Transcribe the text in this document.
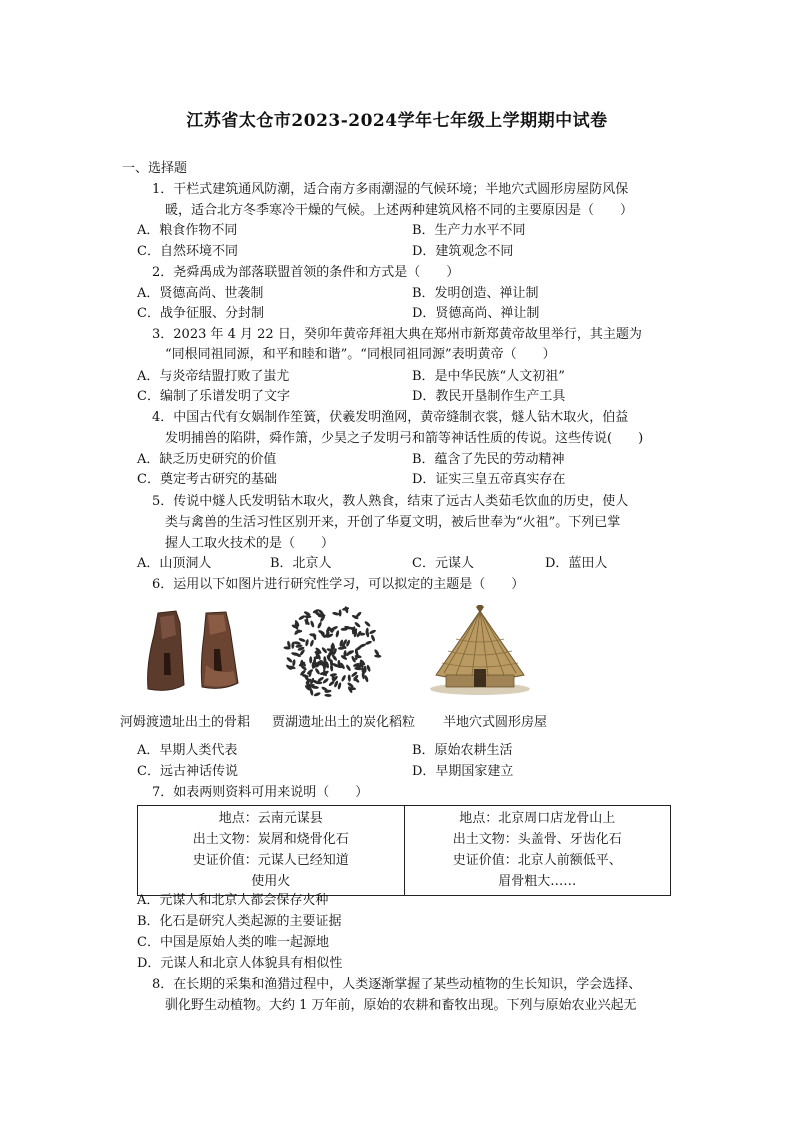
江苏省太仓市2023-2024学年七年级上学期期中试卷
一、选择题
1．干栏式建筑通风防潮，适合南方多雨潮湿的气候环境；半地穴式圆形房屋防风保
暖，适合北方冬季寒冷干燥的气候。上述两种建筑风格不同的主要原因是（　　）
A．粮食作物不同	B．生产力水平不同
C．自然环境不同	D．建筑观念不同
2．尧舜禹成为部落联盟首领的条件和方式是（　　）
A．贤德高尚、世袭制	B．发明创造、禅让制
C．战争征服、分封制	D．贤德高尚、禅让制
3．2023 年 4 月 22 日，癸卯年黄帝拜祖大典在郑州市新郑黄帝故里举行，其主题为
“同根同祖同源，和平和睦和谐”。“同根同祖同源”表明黄帝（　　）
A．与炎帝结盟打败了蚩尤	B．是中华民族“人文初祖”
C．编制了乐谱发明了文字	D．教民开垦制作生产工具
4．中国古代有女娲制作笙簧，伏羲发明渔网，黄帝缝制衣裳，燧人钻木取火，伯益
发明捕兽的陷阱，舜作箫，少昊之子发明弓和箭等神话性质的传说。这些传说(　　)
A．缺乏历史研究的价值	B．蕴含了先民的劳动精神
C．奠定考古研究的基础	D．证实三皇五帝真实存在
5．传说中燧人氏发明钻木取火，教人熟食，结束了远古人类茹毛饮血的历史，使人
类与禽兽的生活习性区别开来，开创了华夏文明，被后世奉为“火祖”。下列已掌
握人工取火技术的是（　　）
A．山顶洞人	B．北京人	C．元谋人	D．蓝田人
6．运用以下如图片进行研究性学习，可以拟定的主题是（　　）
河姆渡遗址出土的骨耜 贾湖遗址出土的炭化稻粒 半地穴式圆形房屋
A．早期人类代表	B．原始农耕生活
C．远古神话传说	D．早期国家建立
7．如表两则资料可用来说明（　　）
地点：云南元谋县
出土文物：炭屑和烧骨化石
史证价值：元谋人已经知道
使用火

地点：北京周口店龙骨山上
出土文物：头盖骨、牙齿化石
史证价值：北京人前额低平、
眉骨粗大……
A．元谋人和北京人都会保存火种
B．化石是研究人类起源的主要证据
C．中国是原始人类的唯一起源地
D．元谋人和北京人体貌具有相似性
8．在长期的采集和渔猎过程中，人类逐渐掌握了某些动植物的生长知识，学会选择、
驯化野生动植物。大约 1 万年前，原始的农耕和畜牧出现。下列与原始农业兴起无
